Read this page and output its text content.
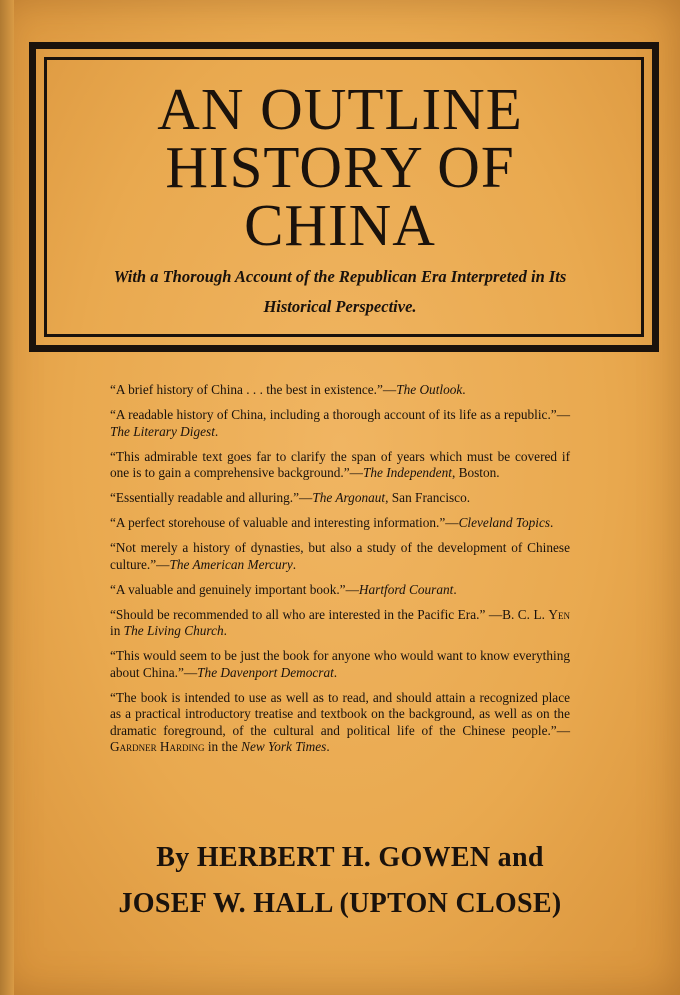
AN OUTLINE
HISTORY OF
CHINA
With a Thorough Account of the Republican Era Interpreted in Its
Historical Perspective.

“A brief history of China . . . the best in existence.”—The Outlook.

“A readable history of China, including a thorough account of its life as a republic.”—The Literary Digest.

“This admirable text goes far to clarify the span of years which must be covered if one is to gain a comprehensive background.”—The Independent, Boston.

“Essentially readable and alluring.”—The Argonaut, San Francisco.

“A perfect storehouse of valuable and interesting information.”—Cleveland Topics.

“Not merely a history of dynasties, but also a study of the development of Chinese culture.”—The American Mercury.

“A valuable and genuinely important book.”—Hartford Courant.

“Should be recommended to all who are interested in the Pacific Era.” —B. C. L. Yen in The Living Church.

“This would seem to be just the book for anyone who would want to know everything about China.”—The Davenport Democrat.

“The book is intended to use as well as to read, and should attain a recognized place as a practical introductory treatise and textbook on the background, as well as on the dramatic foreground, of the cultural and political life of the Chinese people.”—Gardner Harding in the New York Times.

By HERBERT H. GOWEN and
JOSEF W. HALL (UPTON CLOSE)
